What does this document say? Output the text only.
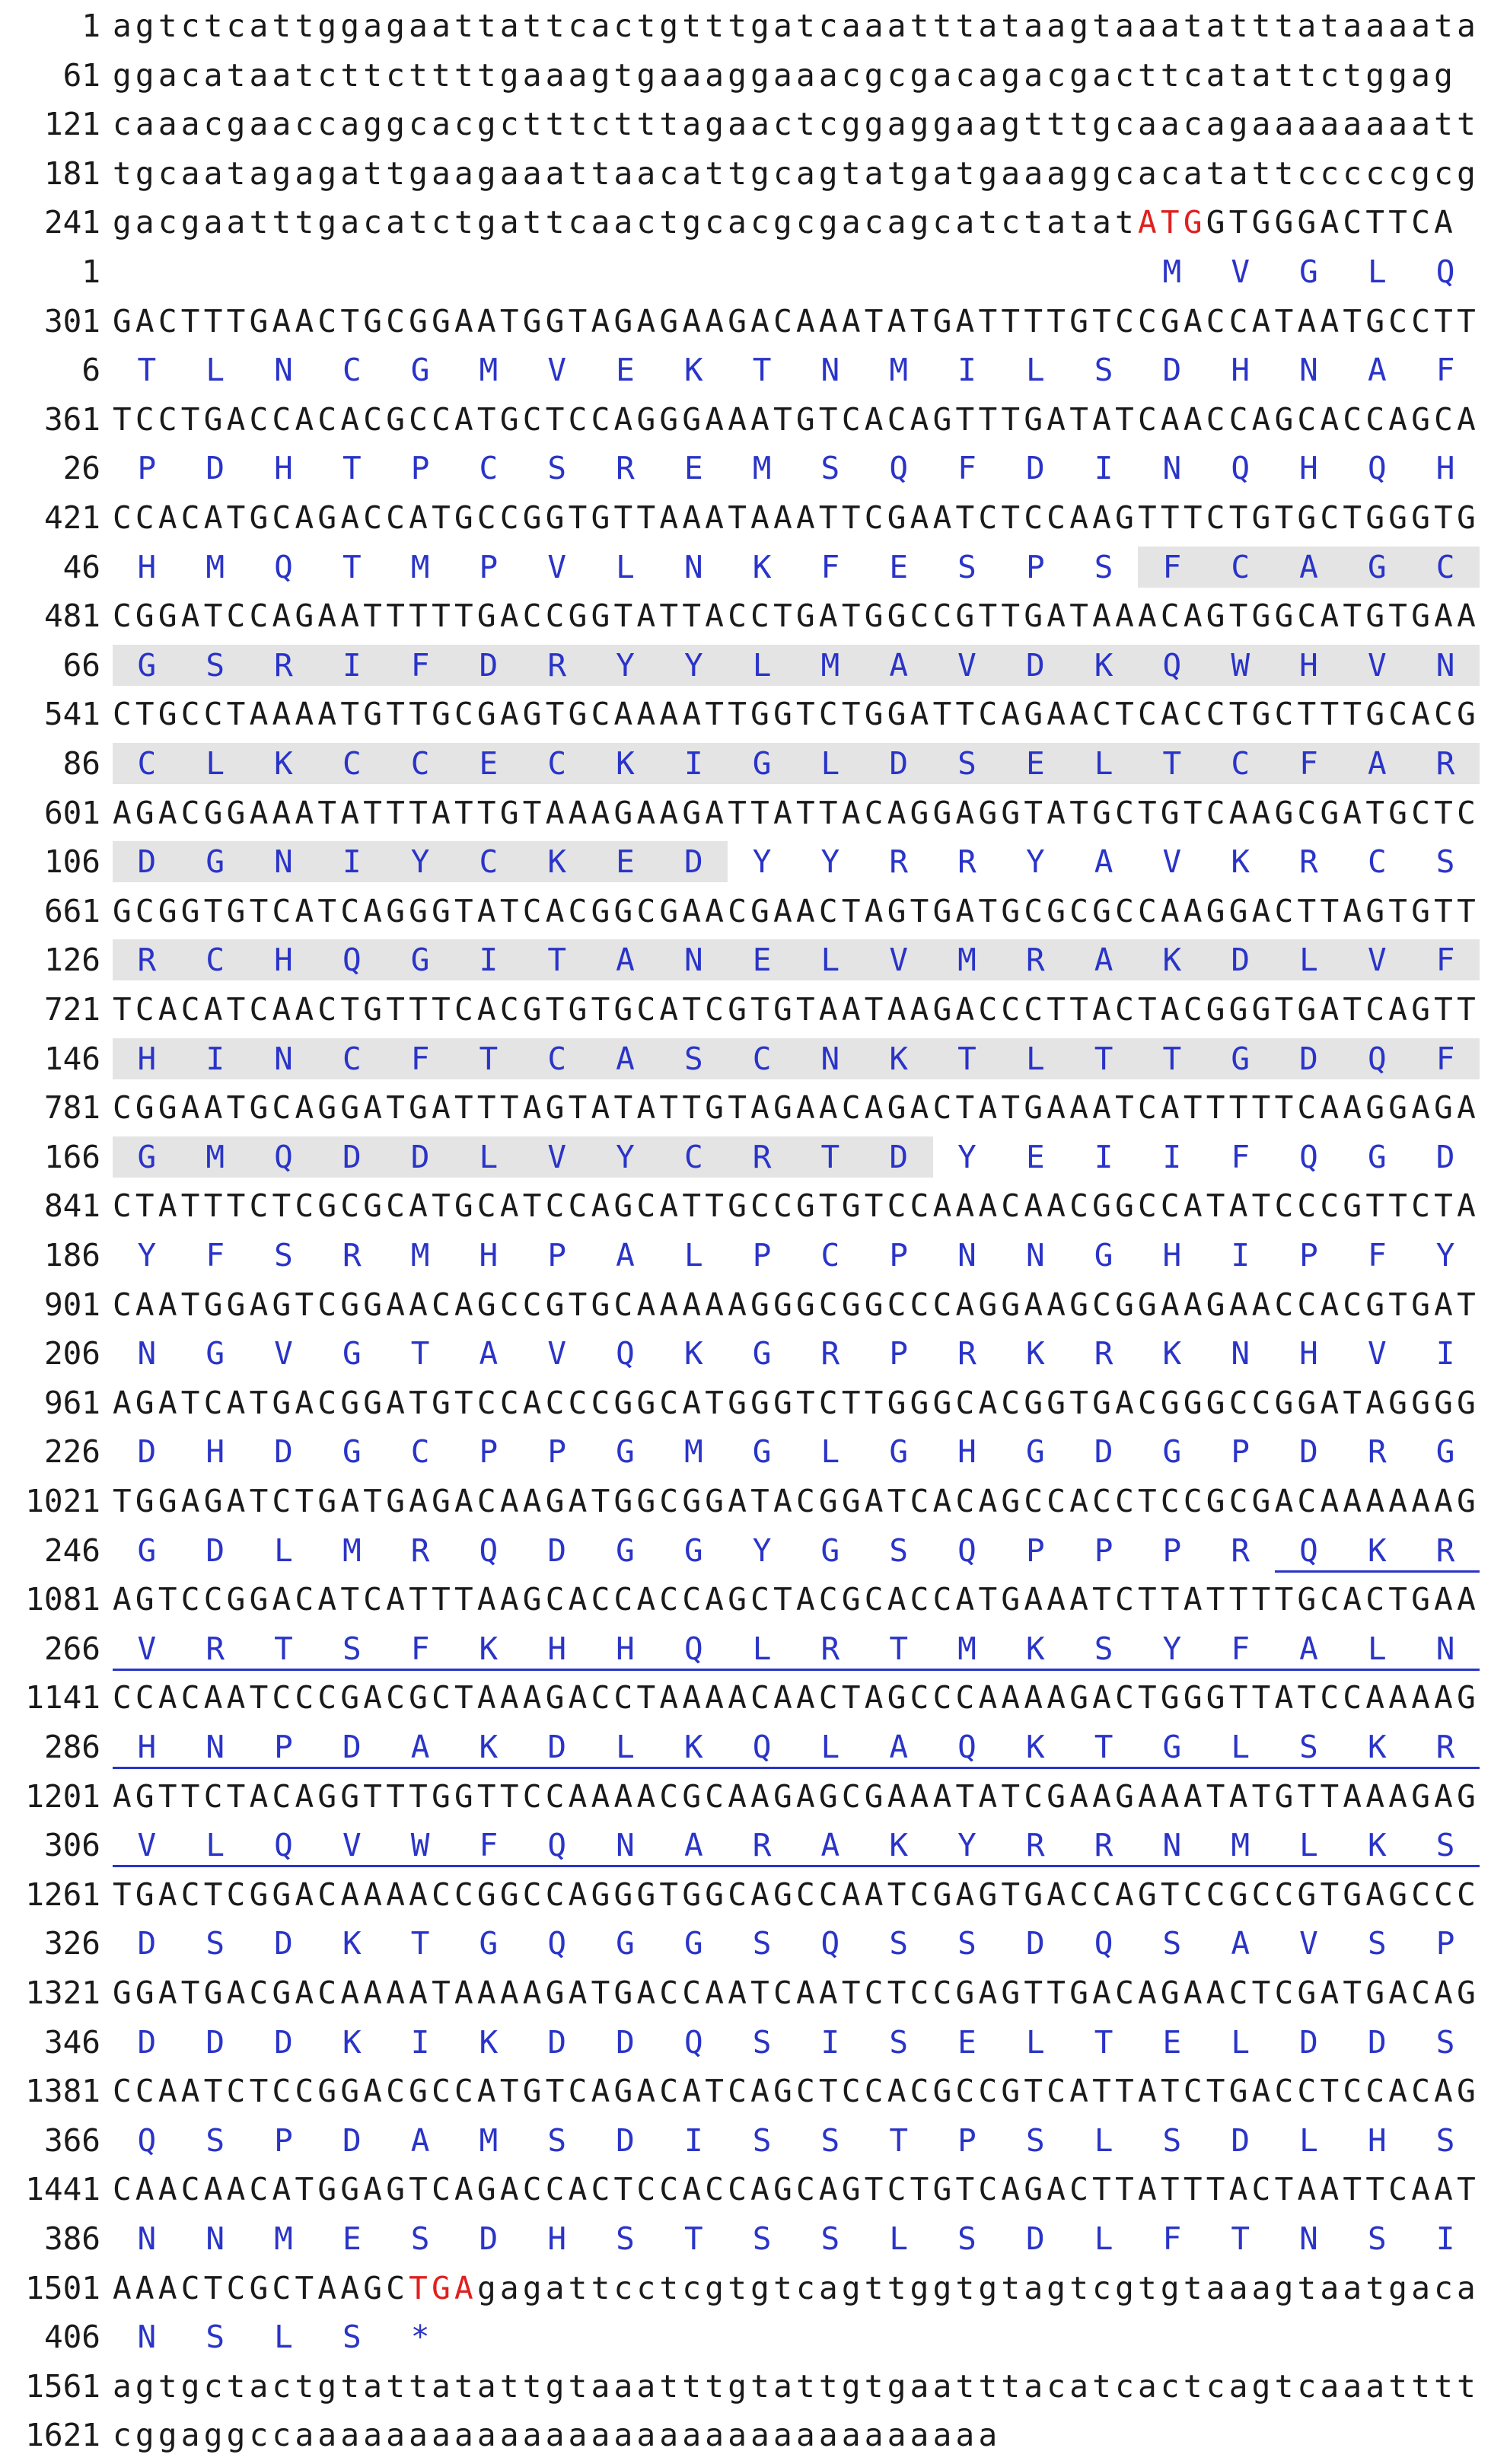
1 agtctcattggagaattattcactgtttgatcaaatttataagtaaatatttataaaata
61 ggacataatcttcttttgaaagtgaaaggaaacgcgacagacgacttcatattctggag
121 caaacgaaccaggcacgctttctttagaactcggaggaagtttgcaacagaaaaaaaatt
181 tgcaatagagattgaagaaattaacattgcagtatgatgaaaggcacatattcccccgcg
241 gacgaatttgacatctgattcaactgcacgcgacagcatctatatATGGTGGGACTTCA
1	M V G L Q
301 GACTTTGAACTGCGGAATGGTAGAGAAGACAAATATGATTTTGTCCGACCATAATGCCTT
6 T L N C G M V E K T N M I L S D H N A F
361 TCCTGACCACACGCCATGCTCCAGGGAAATGTCACAGTTTGATATCAACCAGCACCAGCA
26 P D H T P C S R E M S Q F D I N Q H Q H
421 CCACATGCAGACCATGCCGGTGTTAAATAAATTCGAATCTCCAAGTTTCTGTGCTGGGTG
46 H M Q T M P V L N K F E S P S F C A G C
481 CGGATCCAGAATTTTTGACCGGTATTACCTGATGGCCGTTGATAAACAGTGGCATGTGAA
66 G S R I F D R Y Y L M A V D K Q W H V N
541 CTGCCTAAAATGTTGCGAGTGCAAAATTGGTCTGGATTCAGAACTCACCTGCTTTGCACG
86 C L K C C E C K I G L D S E L T C F A R
601 AGACGGAAATATTTATTGTAAAGAAGATTATTACAGGAGGTATGCTGTCAAGCGATGCTC
106 D G N I Y C K E D Y Y R R Y A V K R C S
661 GCGGTGTCATCAGGGTATCACGGCGAACGAACTAGTGATGCGCGCCAAGGACTTAGTGTT
126 R C H Q G I T A N E L V M R A K D L V F
721 TCACATCAACTGTTTCACGTGTGCATCGTGTAATAAGACCCTTACTACGGGTGATCAGTT
146 H I N C F T C A S C N K T L T T G D Q F
781 CGGAATGCAGGATGATTTAGTATATTGTAGAACAGACTATGAAATCATTTTTCAAGGAGA
166 G M Q D D L V Y C R T D Y E I I F Q G D
841 CTATTTCTCGCGCATGCATCCAGCATTGCCGTGTCCAAACAACGGCCATATCCCGTTCTA
186 Y F S R M H P A L P C P N N G H I P F Y
901 CAATGGAGTCGGAACAGCCGTGCAAAAAGGGCGGCCCAGGAAGCGGAAGAACCACGTGAT
206 N G V G T A V Q K G R P R K R K N H V I
961 AGATCATGACGGATGTCCACCCGGCATGGGTCTTGGGCACGGTGACGGGCCGGATAGGGG
226 D H D G C P P G M G L G H G D G P D R G
1021 TGGAGATCTGATGAGACAAGATGGCGGATACGGATCACAGCCACCTCCGCGACAAAAAAG
246 G D L M R Q D G G Y G S Q P P P R Q K R
1081 AGTCCGGACATCATTTAAGCACCACCAGCTACGCACCATGAAATCTTATTTTGCACTGAA
266 V R T S F K H H Q L R T M K S Y F A L N
1141 CCACAATCCCGACGCTAAAGACCTAAAACAACTAGCCCAAAAGACTGGGTTATCCAAAAG
286 H N P D A K D L K Q L A Q K T G L S K R
1201 AGTTCTACAGGTTTGGTTCCAAAACGCAAGAGCGAAATATCGAAGAAATATGTTAAAGAG
306 V L Q V W F Q N A R A K Y R R N M L K S
1261 TGACTCGGACAAAACCGGCCAGGGTGGCAGCCAATCGAGTGACCAGTCCGCCGTGAGCCC
326 D S D K T G Q G G S Q S S D Q S A V S P
1321 GGATGACGACAAAATAAAAGATGACCAATCAATCTCCGAGTTGACAGAACTCGATGACAG
346 D D D K I K D D Q S I S E L T E L D D S
1381 CCAATCTCCGGACGCCATGTCAGACATCAGCTCCACGCCGTCATTATCTGACCTCCACAG
366 Q S P D A M S D I S S T P S L S D L H S
1441 CAACAACATGGAGTCAGACCACTCCACCAGCAGTCTGTCAGACTTATTTACTAATTCAAT
386 N N M E S D H S T S S L S D L F T N S I
1501 AAACTCGCTAAGCTGAgagattcctcgtgtcagttggtgtagtcgtgtaaagtaatgaca
406 N S L S *
1561 agtgctactgtattatattgtaaatttgtattgtgaatttacatcactcagtcaaatttt
1621 cggaggccaaaaaaaaaaaaaaaaaaaaaaaaaaaaaaa
